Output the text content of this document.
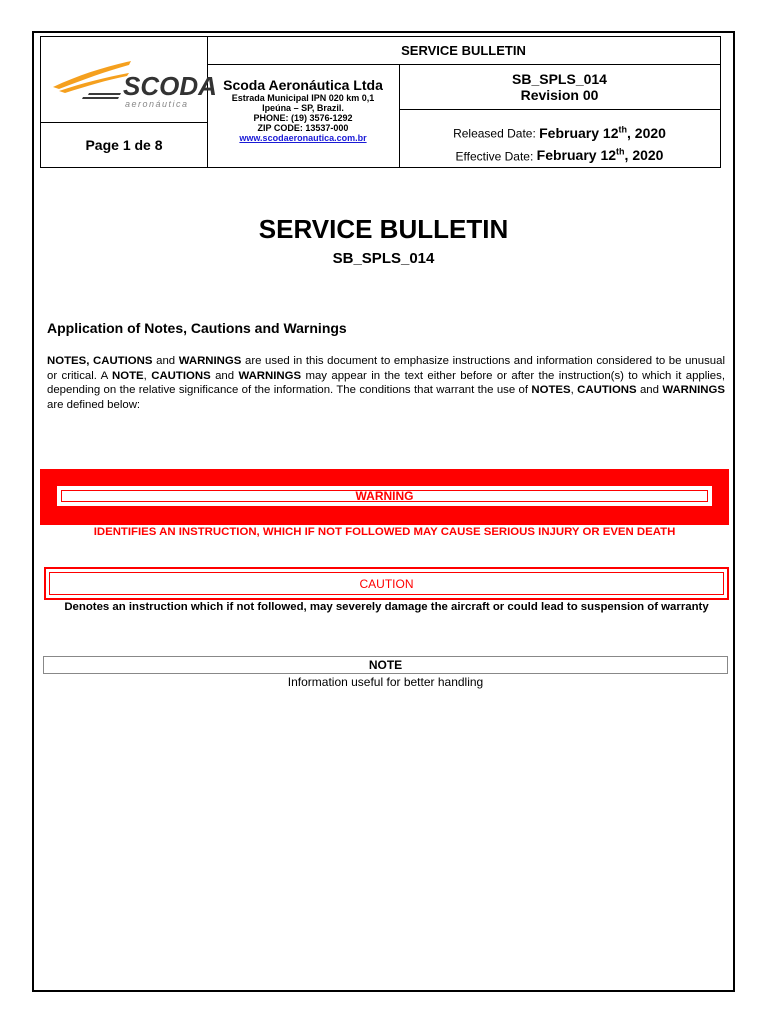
SERVICE BULLETIN
SCODA
aeronáutica
Page 1 de 8
Scoda Aeronáutica Ltda
Estrada Municipal IPN 020 km 0,1
Ipeúna – SP, Brazil.
PHONE: (19) 3576-1292
ZIP CODE: 13537-000
www.scodaeronautica.com.br
SB_SPLS_014
Revision 00
Released Date: February 12th, 2020
Effective Date: February 12th, 2020
SERVICE BULLETIN
SB_SPLS_014
Application of Notes, Cautions and Warnings
NOTES, CAUTIONS and WARNINGS are used in this document to emphasize instructions and information considered to be unusual or critical. A NOTE, CAUTIONS and WARNINGS may appear in the text either before or after the instruction(s) to which it applies, depending on the relative significance of the information. The conditions that warrant the use of NOTES, CAUTIONS and WARNINGS are defined below:
WARNING
IDENTIFIES AN INSTRUCTION, WHICH IF NOT FOLLOWED MAY CAUSE SERIOUS INJURY OR EVEN DEATH
CAUTION
Denotes an instruction which if not followed, may severely damage the aircraft or could lead to suspension of warranty
NOTE
Information useful for better handling
